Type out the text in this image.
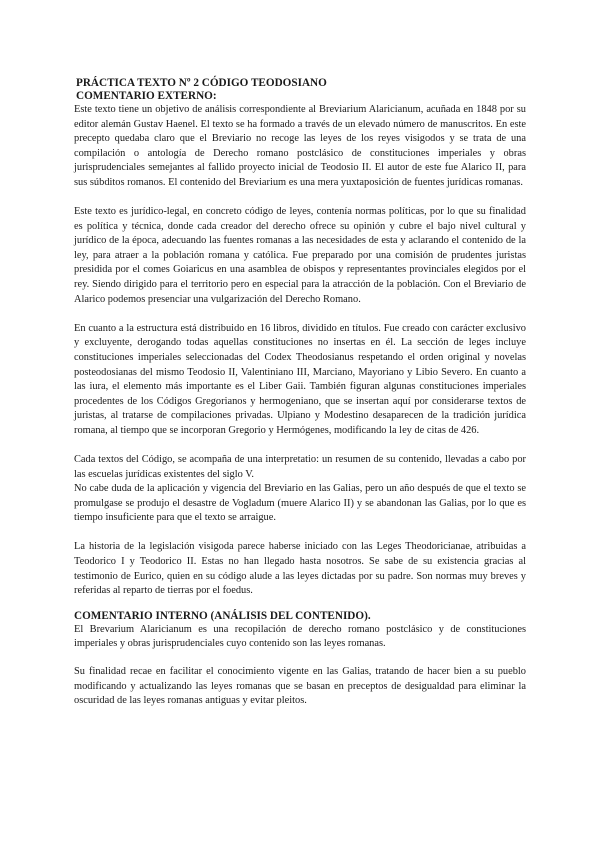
PRÁCTICA TEXTO Nº 2 CÓDIGO TEODOSIANO
COMENTARIO EXTERNO:

Este texto tiene un objetivo de análisis correspondiente al Breviarium Alaricianum, acuñada en 1848 por su editor alemán Gustav Haenel. El texto se ha formado a través de un elevado número de manuscritos. En este precepto quedaba claro que el Breviario no recoge las leyes de los reyes visigodos y se trata de una compilación o antología de Derecho romano postclásico de constituciones imperiales y obras jurisprudenciales semejantes al fallido proyecto inicial de Teodosio II. El autor de este fue Alarico II, para sus súbditos romanos. El contenido del Breviarium es una mera yuxtaposición de fuentes jurídicas romanas.

Este texto es jurídico-legal, en concreto código de leyes, contenía normas políticas, por lo que su finalidad es política y técnica, donde cada creador del derecho ofrece su opinión y cubre el bajo nivel cultural y jurídico de la época, adecuando las fuentes romanas a las necesidades de esta y aclarando el contenido de la ley, para atraer a la población romana y católica. Fue preparado por una comisión de prudentes juristas presidida por el comes Goiaricus en una asamblea de obispos y representantes provinciales elegidos por el rey. Siendo dirigido para el territorio pero en especial para la atracción de la población. Con el Breviario de Alarico podemos presenciar una vulgarización del Derecho Romano.

En cuanto a la estructura está distribuido en 16 libros, dividido en títulos. Fue creado con carácter exclusivo y excluyente, derogando todas aquellas constituciones no insertas en él. La sección de leges incluye constituciones imperiales seleccionadas del Codex Theodosianus respetando el orden original y novelas posteodosianas del mismo Teodosio II, Valentiniano III, Marciano, Mayoriano y Libio Severo. En cuanto a las iura, el elemento más importante es el Liber Gaii. También figuran algunas constituciones imperiales procedentes de los Códigos Gregorianos y hermogeniano, que se insertan aquí por considerarse textos de juristas, al tratarse de compilaciones privadas. Ulpiano y Modestino desaparecen de la tradición jurídica romana, al tiempo que se incorporan Gregorio y Hermógenes, modificando la ley de citas de 426.

Cada textos del Código, se acompaña de una interpretatio: un resumen de su contenido, llevadas a cabo por las escuelas jurídicas existentes del siglo V.

No cabe duda de la aplicación y vigencia del Breviario en las Galias, pero un año después de que el texto se promulgase se produjo el desastre de Vogladum (muere Alarico II) y se abandonan las Galias, por lo que es tiempo insuficiente para que el texto se arraigue.

La historia de la legislación visigoda parece haberse iniciado con las Leges Theodoricianae, atribuidas a Teodorico I y Teodorico II. Estas no han llegado hasta nosotros. Se sabe de su existencia gracias al testimonio de Eurico, quien en su código alude a las leyes dictadas por su padre. Son normas muy breves y referidas al reparto de tierras por el foedus.

COMENTARIO INTERNO (ANÁLISIS DEL CONTENIDO).

El Brevarium Alaricianum es una recopilación de derecho romano postclásico y de constituciones imperiales y obras jurisprudenciales cuyo contenido son las leyes romanas.

Su finalidad recae en facilitar el conocimiento vigente en las Galias, tratando de hacer bien a su pueblo modificando y actualizando las leyes romanas que se basan en preceptos de desigualdad para eliminar la oscuridad de las leyes romanas antiguas y evitar pleitos.
